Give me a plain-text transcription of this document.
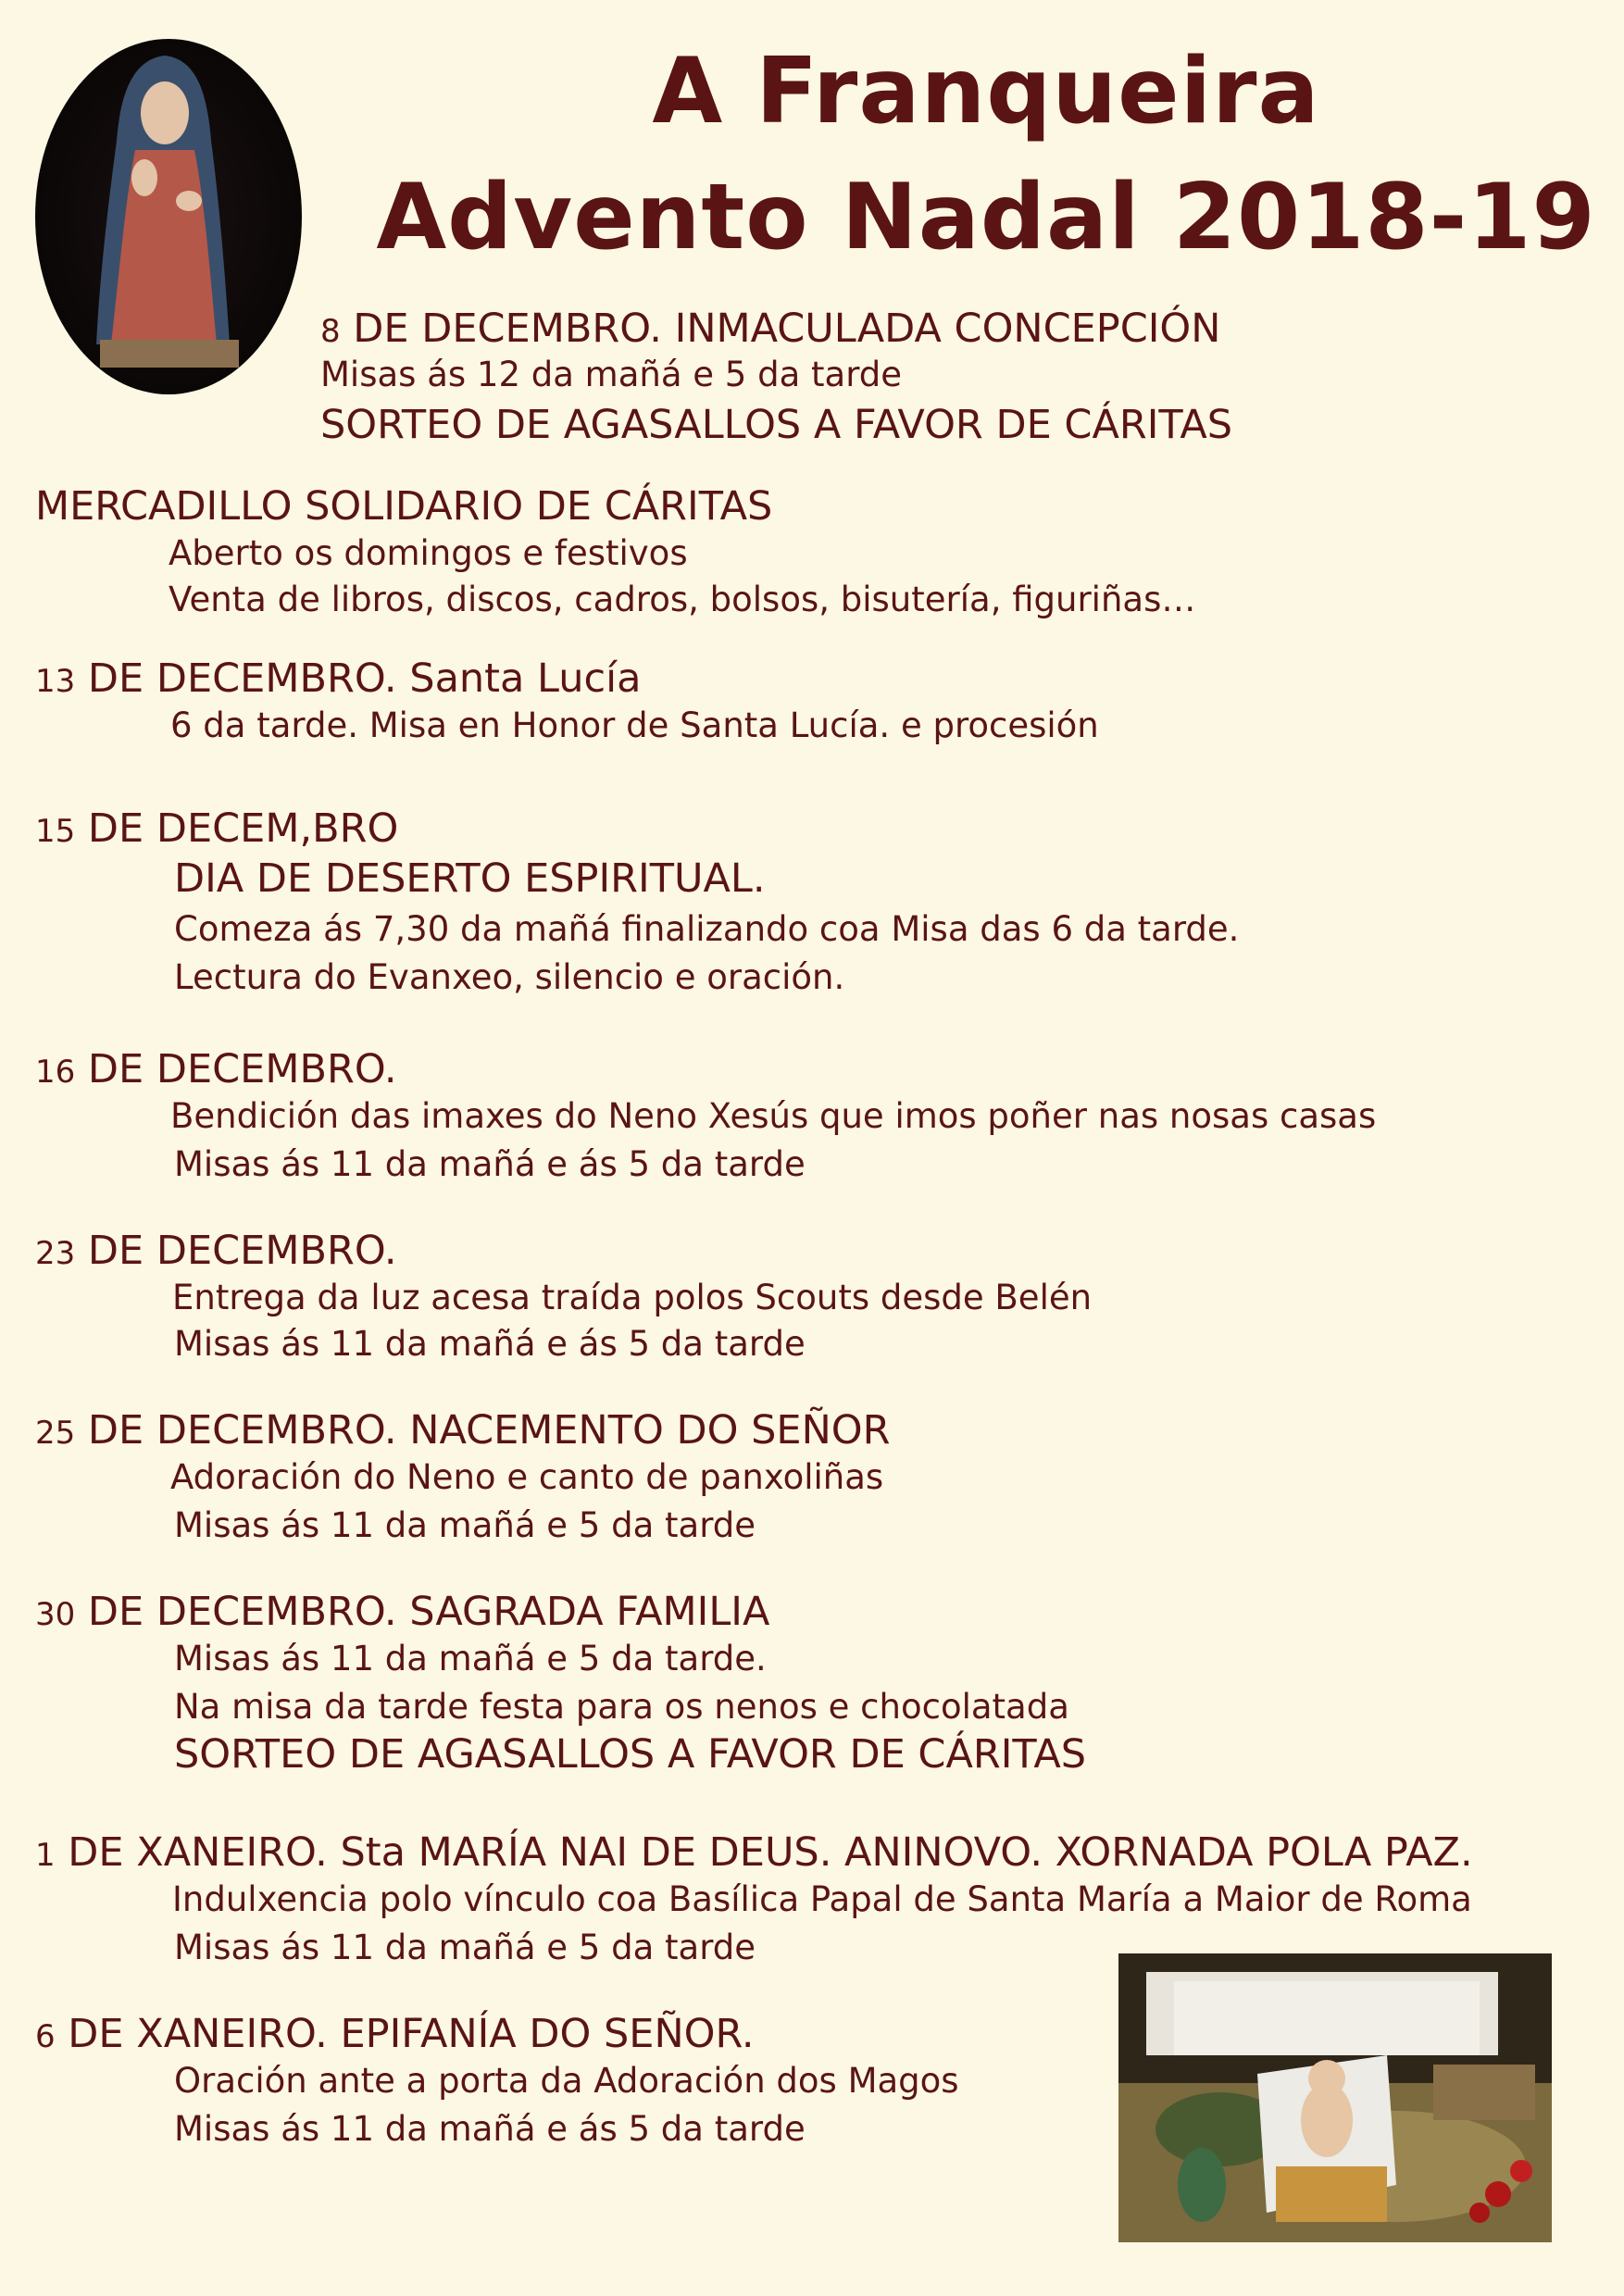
A Franqueira
Advento Nadal 2018-19

8 DE DECEMBRO. INMACULADA CONCEPCIÓN

Misas ás 12 da mañá e 5 da tarde

SORTEO DE AGASALLOS A FAVOR DE CÁRITAS

MERCADILLO SOLIDARIO DE CÁRITAS

Aberto os domingos e festivos

Venta de libros, discos, cadros, bolsos, bisutería, figuriñas…

13 DE DECEMBRO. Santa Lucía

6 da tarde. Misa en Honor de Santa Lucía. e procesión

15 DE DECEM,BRO

DIA DE DESERTO ESPIRITUAL.

Comeza ás 7,30 da mañá finalizando coa Misa das 6 da tarde.

Lectura do Evanxeo, silencio e oración.

16 DE DECEMBRO.

Bendición das imaxes do Neno Xesús que imos poñer nas nosas casas

Misas ás 11 da mañá e ás 5 da tarde

23 DE DECEMBRO.

Entrega da luz acesa traída polos Scouts desde Belén

Misas ás 11 da mañá e ás 5 da tarde

25 DE DECEMBRO. NACEMENTO DO SEÑOR

Adoración do Neno e canto de panxoliñas

Misas ás 11 da mañá e 5 da tarde

30 DE DECEMBRO. SAGRADA FAMILIA

Misas ás 11 da mañá e 5 da tarde.

Na misa da tarde festa para os nenos e chocolatada

SORTEO DE AGASALLOS A FAVOR DE CÁRITAS

1 DE XANEIRO. Sta MARÍA NAI DE DEUS. ANINOVO. XORNADA POLA PAZ.

Indulxencia polo vínculo coa Basílica Papal de Santa María a Maior de Roma

Misas ás 11 da mañá e 5 da tarde

6 DE XANEIRO. EPIFANÍA DO SEÑOR.

Oración ante a porta da Adoración dos Magos

Misas ás 11 da mañá e ás 5 da tarde
